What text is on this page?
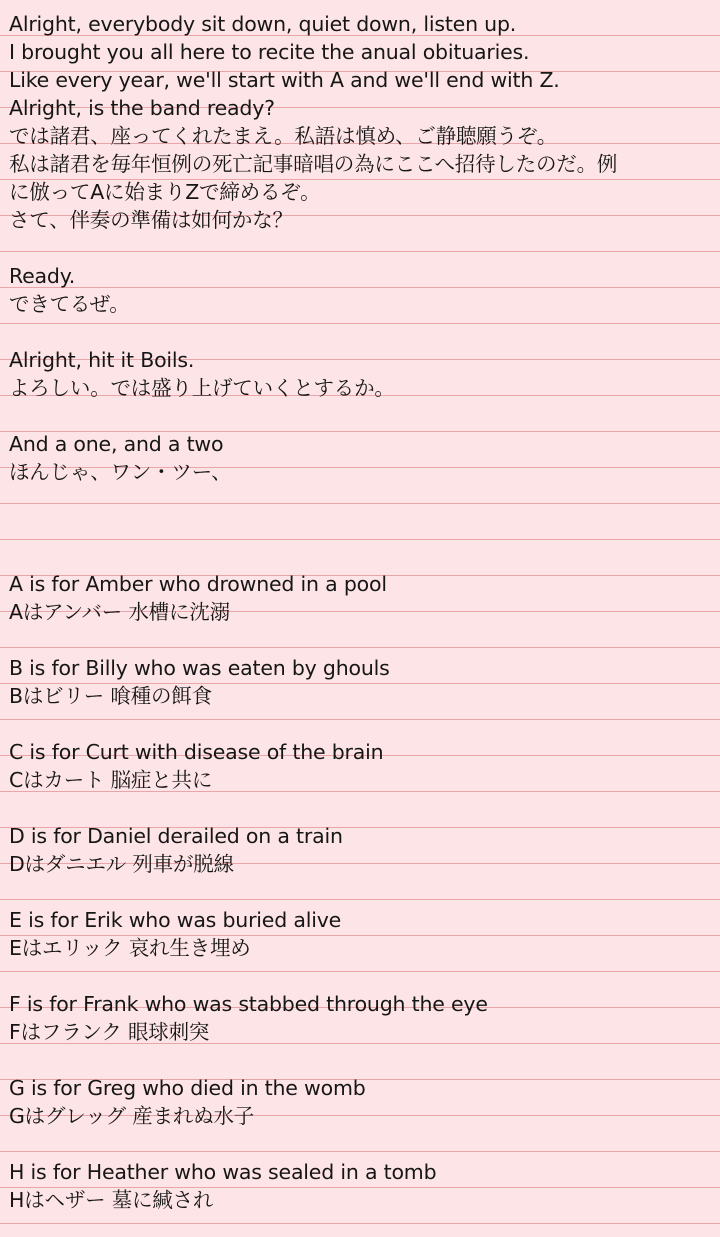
Alright, everybody sit down, quiet down, listen up.
I brought you all here to recite the anual obituaries.
Like every year, we'll start with A and we'll end with Z.
Alright, is the band ready?
では諸君、座ってくれたまえ。私語は慎め、ご静聴願うぞ。
私は諸君を毎年恒例の死亡記事暗唱の為にここへ招待したのだ。例
に倣ってAに始まりZで締めるぞ。
さて、伴奏の準備は如何かな？
Ready.
できてるぜ。
Alright, hit it Boils.
よろしい。では盛り上げていくとするか。
And a one, and a two
ほんじゃ、ワン・ツー、
A is for Amber who drowned in a pool
Aはアンバー 水槽に沈溺
B is for Billy who was eaten by ghouls
Bはビリー 喰種の餌食
C is for Curt with disease of the brain
Cはカート 脳症と共に
D is for Daniel derailed on a train
Dはダニエル 列車が脱線
E is for Erik who was buried alive
Eはエリック 哀れ生き埋め
F is for Frank who was stabbed through the eye
Fはフランク 眼球刺突
G is for Greg who died in the womb
Gはグレッグ 産まれぬ水子
H is for Heather who was sealed in a tomb
Hはヘザー 墓に緘され
